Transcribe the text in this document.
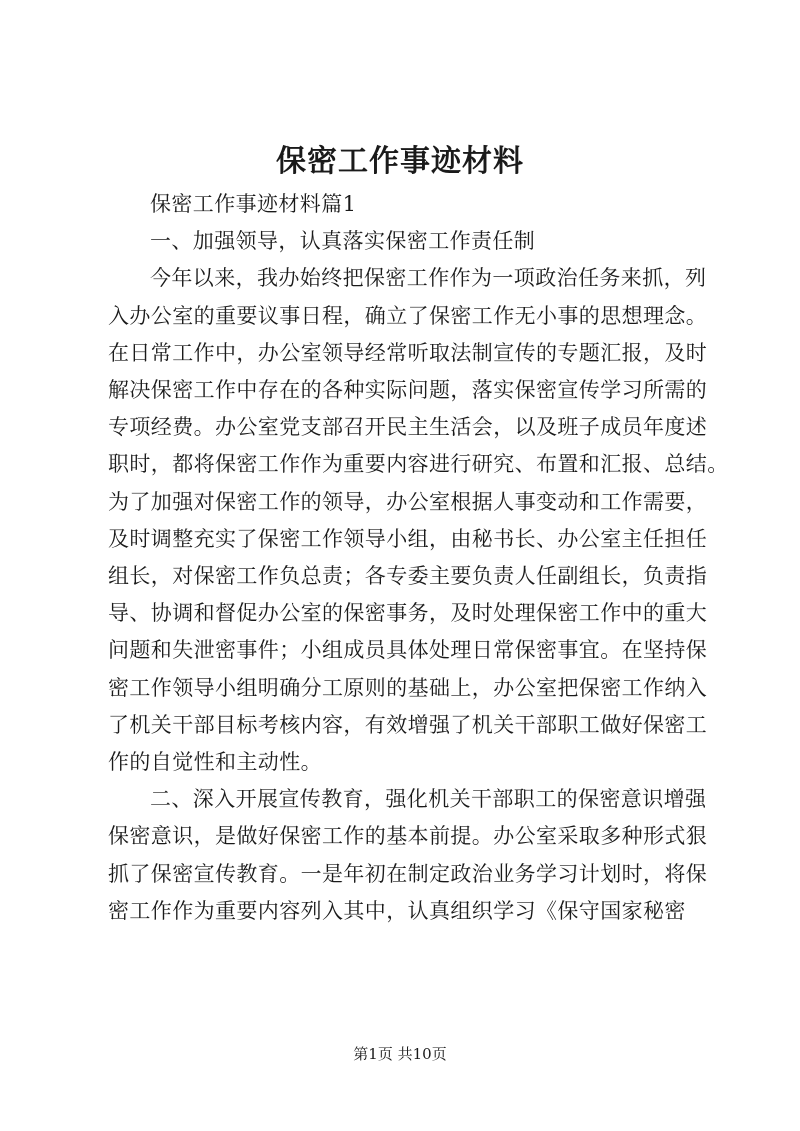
保密工作事迹材料

保密工作事迹材料篇1

一、加强领导，认真落实保密工作责任制

今年以来，我办始终把保密工作作为一项政治任务来抓，列
入办公室的重要议事日程，确立了保密工作无小事的思想理念。
在日常工作中，办公室领导经常听取法制宣传的专题汇报，及时
解决保密工作中存在的各种实际问题，落实保密宣传学习所需的
专项经费。办公室党支部召开民主生活会，以及班子成员年度述
职时，都将保密工作作为重要内容进行研究、布置和汇报、总结。
为了加强对保密工作的领导，办公室根据人事变动和工作需要，
及时调整充实了保密工作领导小组，由秘书长、办公室主任担任
组长，对保密工作负总责；各专委主要负责人任副组长，负责指
导、协调和督促办公室的保密事务，及时处理保密工作中的重大
问题和失泄密事件；小组成员具体处理日常保密事宜。在坚持保
密工作领导小组明确分工原则的基础上，办公室把保密工作纳入
了机关干部目标考核内容，有效增强了机关干部职工做好保密工
作的自觉性和主动性。

二、深入开展宣传教育，强化机关干部职工的保密意识增强
保密意识，是做好保密工作的基本前提。办公室采取多种形式狠
抓了保密宣传教育。一是年初在制定政治业务学习计划时，将保
密工作作为重要内容列入其中，认真组织学习《保守国家秘密

第1页 共10页
